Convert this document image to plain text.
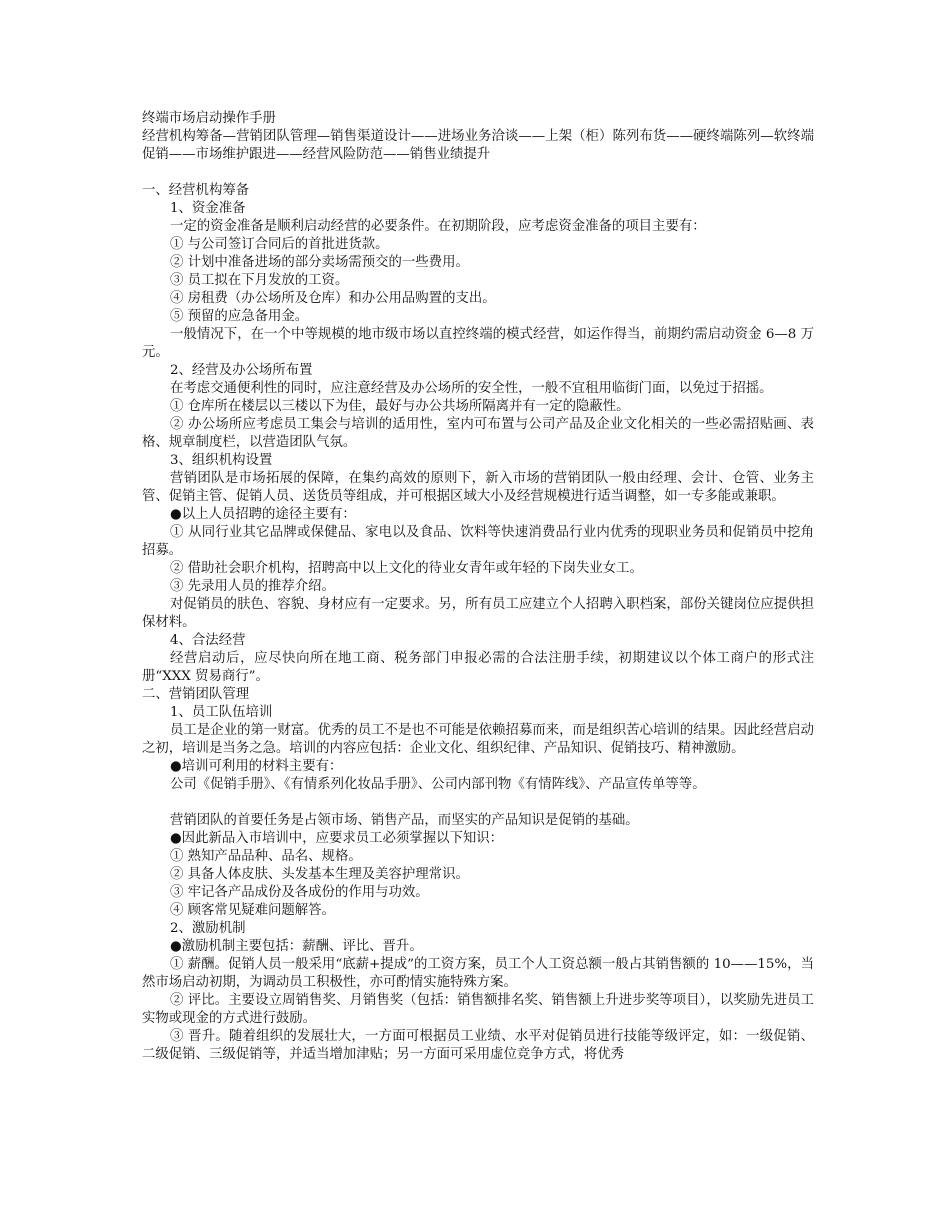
终端市场启动操作手册

经营机构筹备—营销团队管理—销售渠道设计——进场业务洽谈——上架（柜）陈列布货——硬终端陈列—软终端促销——市场维护跟进——经营风险防范——销售业绩提升

一、经营机构筹备

1、资金准备

一定的资金准备是顺利启动经营的必要条件。在初期阶段，应考虑资金准备的项目主要有：

① 与公司签订合同后的首批进货款。

② 计划中准备进场的部分卖场需预交的一些费用。

③ 员工拟在下月发放的工资。

④ 房租费（办公场所及仓库）和办公用品购置的支出。

⑤ 预留的应急备用金。

一般情况下，在一个中等规模的地市级市场以直控终端的模式经营，如运作得当，前期约需启动资金 6—8 万元。

2、经营及办公场所布置

在考虑交通便利性的同时，应注意经营及办公场所的安全性，一般不宜租用临街门面，以免过于招摇。

① 仓库所在楼层以三楼以下为佳，最好与办公共场所隔离并有一定的隐蔽性。

② 办公场所应考虑员工集会与培训的适用性，室内可布置与公司产品及企业文化相关的一些必需招贴画、表格、规章制度栏，以营造团队气氛。

3、组织机构设置

营销团队是市场拓展的保障，在集约高效的原则下，新入市场的营销团队一般由经理、会计、仓管、业务主管、促销主管、促销人员、送货员等组成，并可根据区域大小及经营规模进行适当调整，如一专多能或兼职。

●以上人员招聘的途径主要有：

① 从同行业其它品牌或保健品、家电以及食品、饮料等快速消费品行业内优秀的现职业务员和促销员中挖角招募。

② 借助社会职介机构，招聘高中以上文化的待业女青年或年轻的下岗失业女工。

③ 先录用人员的推荐介绍。

对促销员的肤色、容貌、身材应有一定要求。另，所有员工应建立个人招聘入职档案，部份关键岗位应提供担保材料。

4、合法经营

经营启动后，应尽快向所在地工商、税务部门申报必需的合法注册手续，初期建议以个体工商户的形式注册“XXX 贸易商行”。

二、营销团队管理

1、员工队伍培训

员工是企业的第一财富。优秀的员工不是也不可能是依赖招募而来，而是组织苦心培训的结果。因此经营启动之初，培训是当务之急。培训的内容应包括：企业文化、组织纪律、产品知识、促销技巧、精神激励。

●培训可利用的材料主要有：

公司《促销手册》、《有情系列化妆品手册》、公司内部刊物《有情阵线》、产品宣传单等等。

营销团队的首要任务是占领市场、销售产品，而坚实的产品知识是促销的基础。

●因此新品入市培训中，应要求员工必须掌握以下知识：

① 熟知产品品种、品名、规格。

② 具备人体皮肤、头发基本生理及美容护理常识。

③ 牢记各产品成份及各成份的作用与功效。

④ 顾客常见疑难问题解答。

2、激励机制

●激励机制主要包括：薪酬、评比、晋升。

① 薪酬。促销人员一般采用“底薪+提成”的工资方案，员工个人工资总额一般占其销售额的 10——15%，当然市场启动初期，为调动员工积极性，亦可酌情实施特殊方案。

② 评比。主要设立周销售奖、月销售奖（包括：销售额排名奖、销售额上升进步奖等项目），以奖励先进员工实物或现金的方式进行鼓励。

③ 晋升。随着组织的发展壮大，一方面可根据员工业绩、水平对促销员进行技能等级评定，如：一级促销、二级促销、三级促销等，并适当增加津贴；另一方面可采用虚位竞争方式，将优秀
